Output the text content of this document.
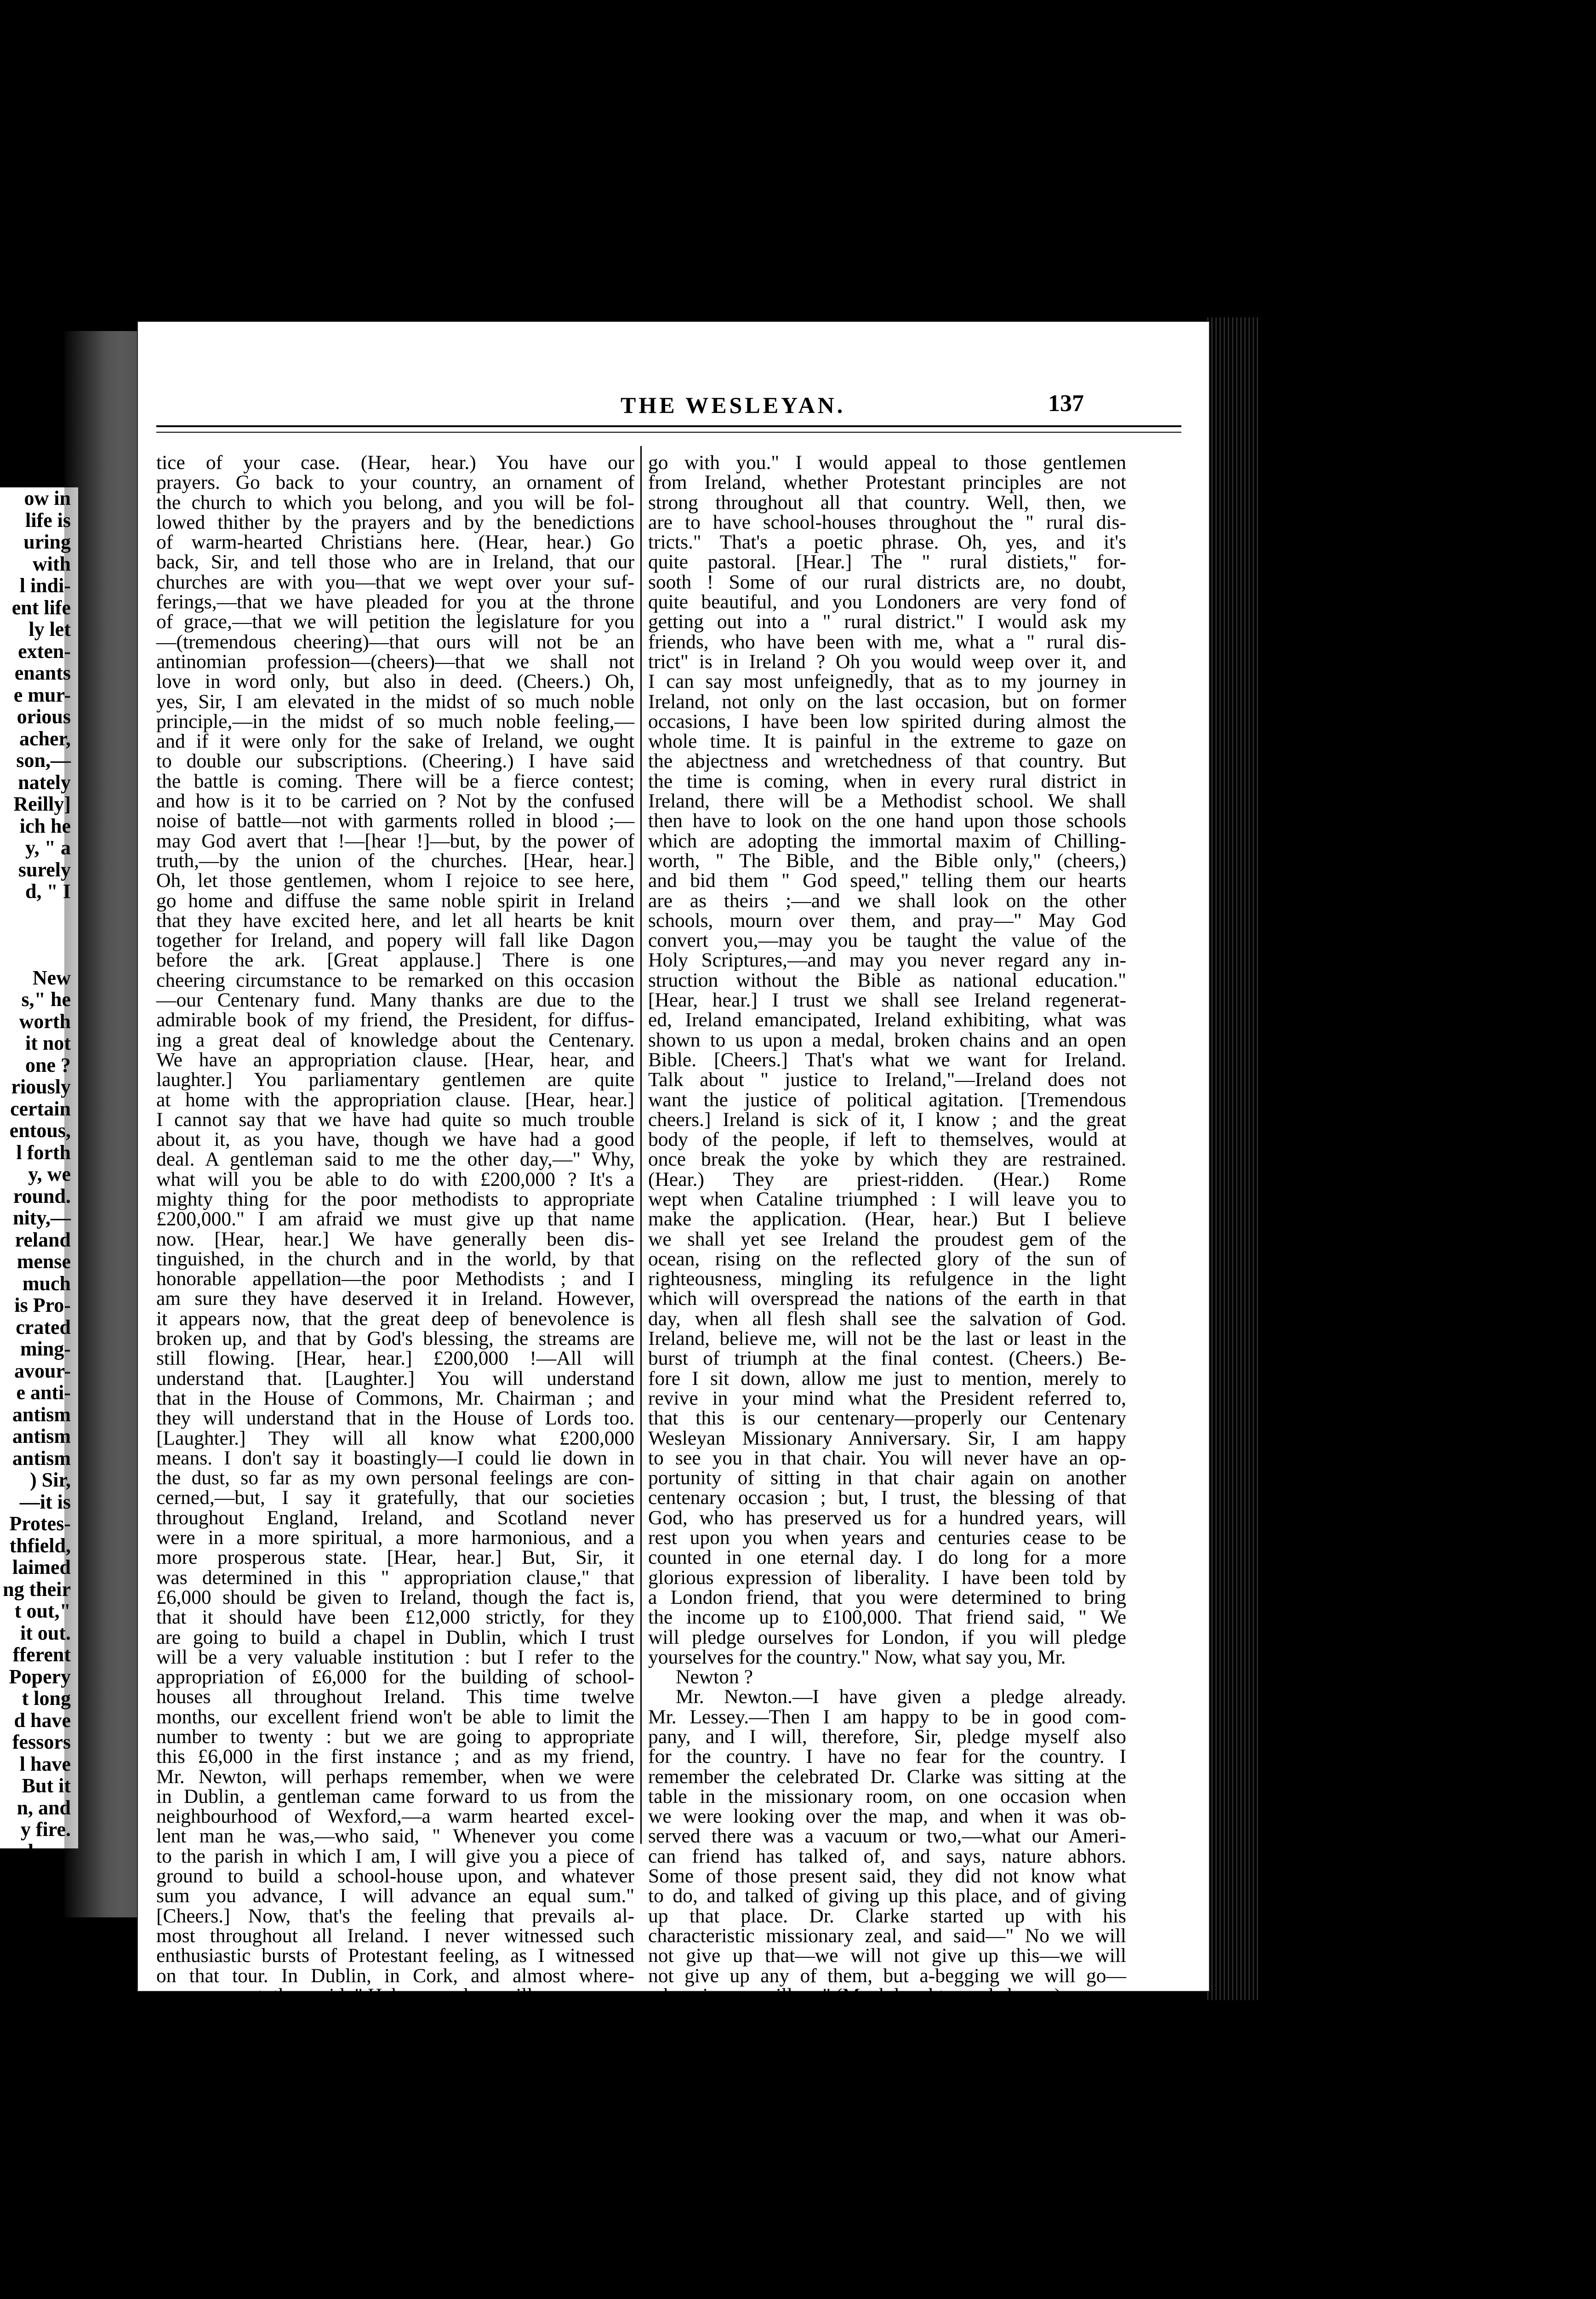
ow in
life is
uring
with
l indi-
ent life
ly let
exten-
enants
e mur-
orious
acher,
son,—
nately
Reilly]
ich he
y, " a
surely
d, " I
New
s," he
worth
it not
one ?
riously
certain
entous,
l forth
y, we
round.
nity,—
reland
mense
much
is Pro-
crated
ming-
avour-
e anti-
antism
antism
antism
) Sir,
—it is
Protes-
thfield,
laimed
ng their
t out,"
it out.
fferent
Popery
t long
d have
fessors
l have
But it
n, and
y fire.
where,
sh that
ounded
") shall
God and
ng their
conse-
rth the
hall we
d great
ve been
n there
n Irish
Serjeant
the jus-
THE WESLEYAN.	137
tice of your case. (Hear, hear.) You have our
prayers. Go back to your country, an ornament of
the church to which you belong, and you will be fol-
lowed thither by the prayers and by the benedictions
of warm-hearted Christians here. (Hear, hear.) Go
back, Sir, and tell those who are in Ireland, that our
churches are with you—that we wept over your suf-
ferings,—that we have pleaded for you at the throne
of grace,—that we will petition the legislature for you
—(tremendous cheering)—that ours will not be an
antinomian profession—(cheers)—that we shall not
love in word only, but also in deed. (Cheers.) Oh,
yes, Sir, I am elevated in the midst of so much noble
principle,—in the midst of so much noble feeling,—
and if it were only for the sake of Ireland, we ought
to double our subscriptions. (Cheering.) I have said
the battle is coming. There will be a fierce contest;
and how is it to be carried on ? Not by the confused
noise of battle—not with garments rolled in blood ;—
may God avert that !—[hear !]—but, by the power of
truth,—by the union of the churches. [Hear, hear.]
Oh, let those gentlemen, whom I rejoice to see here,
go home and diffuse the same noble spirit in Ireland
that they have excited here, and let all hearts be knit
together for Ireland, and popery will fall like Dagon
before the ark. [Great applause.] There is one
cheering circumstance to be remarked on this occasion
—our Centenary fund. Many thanks are due to the
admirable book of my friend, the President, for diffus-
ing a great deal of knowledge about the Centenary.
We have an appropriation clause. [Hear, hear, and
laughter.] You parliamentary gentlemen are quite
at home with the appropriation clause. [Hear, hear.]
I cannot say that we have had quite so much trouble
about it, as you have, though we have had a good
deal. A gentleman said to me the other day,—" Why,
what will you be able to do with £200,000 ? It's a
mighty thing for the poor methodists to appropriate
£200,000." I am afraid we must give up that name
now. [Hear, hear.] We have generally been dis-
tinguished, in the church and in the world, by that
honorable appellation—the poor Methodists ; and I
am sure they have deserved it in Ireland. However,
it appears now, that the great deep of benevolence is
broken up, and that by God's blessing, the streams are
still flowing. [Hear, hear.] £200,000 !—All will
understand that. [Laughter.] You will understand
that in the House of Commons, Mr. Chairman ; and
they will understand that in the House of Lords too.
[Laughter.] They will all know what £200,000
means. I don't say it boastingly—I could lie down in
the dust, so far as my own personal feelings are con-
cerned,—but, I say it gratefully, that our societies
throughout England, Ireland, and Scotland never
were in a more spiritual, a more harmonious, and a
more prosperous state. [Hear, hear.] But, Sir, it
was determined in this " appropriation clause," that
£6,000 should be given to Ireland, though the fact is,
that it should have been £12,000 strictly, for they
are going to build a chapel in Dublin, which I trust
will be a very valuable institution : but I refer to the
appropriation of £6,000 for the building of school-
houses all throughout Ireland. This time twelve
months, our excellent friend won't be able to limit the
number to twenty : but we are going to appropriate
this £6,000 in the first instance ; and as my friend,
Mr. Newton, will perhaps remember, when we were
in Dublin, a gentleman came forward to us from the
neighbourhood of Wexford,—a warm hearted excel-
lent man he was,—who said, " Whenever you come
to the parish in which I am, I will give you a piece of
ground to build a school-house upon, and whatever
sum you advance, I will advance an equal sum."
[Cheers.] Now, that's the feeling that prevails al-
most throughout all Ireland. I never witnessed such
enthusiastic bursts of Protestant feeling, as I witnessed
on that tour. In Dublin, in Cork, and almost where-
ever we went, they said, " Help us, and we will
go with you." I would appeal to those gentlemen
from Ireland, whether Protestant principles are not
strong throughout all that country. Well, then, we
are to have school-houses throughout the " rural dis-
tricts." That's a poetic phrase. Oh, yes, and it's
quite pastoral. [Hear.] The " rural distiets," for-
sooth ! Some of our rural districts are, no doubt,
quite beautiful, and you Londoners are very fond of
getting out into a " rural district." I would ask my
friends, who have been with me, what a " rural dis-
trict" is in Ireland ? Oh you would weep over it, and
I can say most unfeignedly, that as to my journey in
Ireland, not only on the last occasion, but on former
occasions, I have been low spirited during almost the
whole time. It is painful in the extreme to gaze on
the abjectness and wretchedness of that country. But
the time is coming, when in every rural district in
Ireland, there will be a Methodist school. We shall
then have to look on the one hand upon those schools
which are adopting the immortal maxim of Chilling-
worth, " The Bible, and the Bible only," (cheers,)
and bid them " God speed," telling them our hearts
are as theirs ;—and we shall look on the other
schools, mourn over them, and pray—" May God
convert you,—may you be taught the value of the
Holy Scriptures,—and may you never regard any in-
struction without the Bible as national education."
[Hear, hear.] I trust we shall see Ireland regenerat-
ed, Ireland emancipated, Ireland exhibiting, what was
shown to us upon a medal, broken chains and an open
Bible. [Cheers.] That's what we want for Ireland.
Talk about " justice to Ireland,"—Ireland does not
want the justice of political agitation. [Tremendous
cheers.] Ireland is sick of it, I know ; and the great
body of the people, if left to themselves, would at
once break the yoke by which they are restrained.
(Hear.) They are priest-ridden. (Hear.) Rome
wept when Cataline triumphed : I will leave you to
make the application. (Hear, hear.) But I believe
we shall yet see Ireland the proudest gem of the
ocean, rising on the reflected glory of the sun of
righteousness, mingling its refulgence in the light
which will overspread the nations of the earth in that
day, when all flesh shall see the salvation of God.
Ireland, believe me, will not be the last or least in the
burst of triumph at the final contest. (Cheers.) Be-
fore I sit down, allow me just to mention, merely to
revive in your mind what the President referred to,
that this is our centenary—properly our Centenary
Wesleyan Missionary Anniversary. Sir, I am happy
to see you in that chair. You will never have an op-
portunity of sitting in that chair again on another
centenary occasion ; but, I trust, the blessing of that
God, who has preserved us for a hundred years, will
rest upon you when years and centuries cease to be
counted in one eternal day. I do long for a more
glorious expression of liberality. I have been told by
a London friend, that you were determined to bring
the income up to £100,000. That friend said, " We
will pledge ourselves for London, if you will pledge
yourselves for the country." Now, what say you, Mr.
Newton ?
Mr. Newton.—I have given a pledge already.
Mr. Lessey.—Then I am happy to be in good com-
pany, and I will, therefore, Sir, pledge myself also
for the country. I have no fear for the country. I
remember the celebrated Dr. Clarke was sitting at the
table in the missionary room, on one occasion when
we were looking over the map, and when it was ob-
served there was a vacuum or two,—what our Ameri-
can friend has talked of, and says, nature abhors.
Some of those present said, they did not know what
to do, and talked of giving up this place, and of giving
up that place. Dr. Clarke started up with his
characteristic missionary zeal, and said—" No we will
not give up that—we will not give up this—we will
not give up any of them, but a-begging we will go—
a-begging we will go." (Much laughter and cheers.)
